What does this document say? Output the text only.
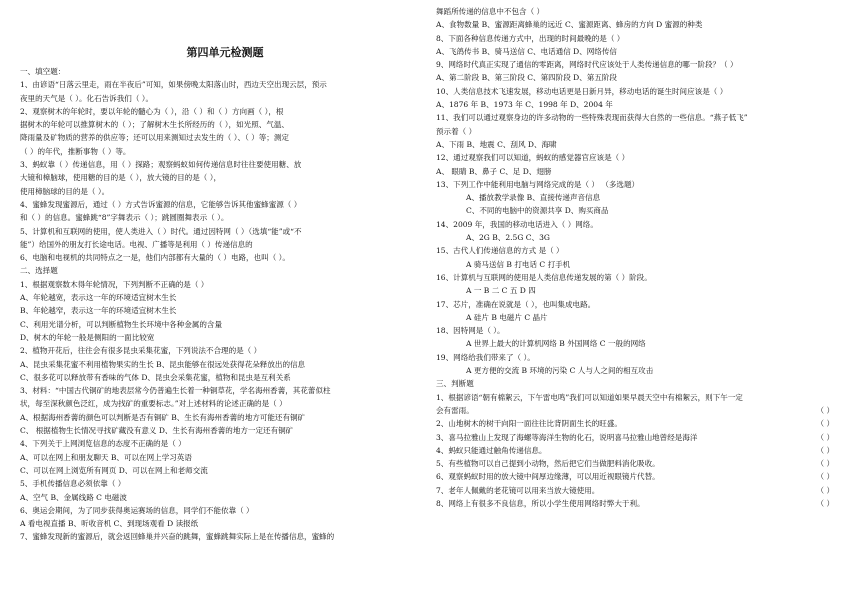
第四单元检测题
一、填空题：
1、由谚语“日落云里走，雨在半夜后”可知，如果傍晚太阳落山时，西边天空出现云层，预示
夜里的天气是（ ）。化石告诉我们（ ）。
2、观察树木的年轮时，要以年轮的髓心为（ ），沿（ ）和（ ）方向画（ ），根
据树木的年轮可以推算树木的（ ）；了解树木生长所经历的（ ），如光照、气温、
降雨量及矿物质的营养的供应等；还可以用来测知过去发生的（ ）、（ ）等；测定
（ ）的年代，推断事物（ ）等。
3、蚂蚁靠（ ）传递信息，用（ ）探路；观察蚂蚁如何传递信息时往往要使用糖、放
大镜和樟脑球，使用糖的目的是（ ），放大镜的目的是（ ），
使用樟脑球的目的是（ ）。
4、蜜蜂发现蜜源后，通过（ ）方式告诉蜜源的信息，它能够告诉其他蜜蜂蜜源（ ）
和（ ）的信息。蜜蜂跳“8”字舞表示（ ）；跳圆圈舞表示（ ）。
5、计算机和互联网的使用，使人类进入（ ）时代。通过因特网（ ）（选填“能”或“不
能”）给国外的朋友打长途电话。电视、广播等是利用（ ）传递信息的
6、电脑和电视机的共同特点之一是，他们内部都有大量的（ ）电路，也叫（ ）。
二、选择题
1、根据观察数木得年轮情况，下列判断不正确的是（ ）
A、年轮越宽，表示这一年的环境适宜树木生长
B、年轮越窄，表示这一年的环境适宜树木生长
C、利用光谱分析，可以判断植物生长环境中各种金属的含量
D、树木的年轮一般是侧阳的一面比较宽
2、植物开花后，往往会有很多昆虫采集花蜜，下列说法不合理的是（ ）
A、昆虫采集花蜜不利用植物果实的生长 B、昆虫能够在很远处获得花朵释放出的信息
C、很多花可以释放带有香味的气体 D、昆虫会采集花蜜，植物和昆虫是互利关系
3、材料：“中国古代铜矿的地表层常今仍普遍生长着一种铜草花，学名海州香薷，其花蕾似柱
状，每至深秋颜色泛红，成为找矿的重要标志。”对上述材料的论述正确的是（ ）
A、根据海州香薷的颜色可以判断是否有铜矿 B、生长有海州香薷的地方可能还有铜矿
C、 根据植物生长情况寻找矿藏没有意义 D、生长有海州香薷的地方一定还有铜矿
4、下列关于上网浏览信息的态度不正确的是（ ）
A、可以在网上和朋友聊天 B、可以在网上学习英语
C、可以在网上浏览所有网页 D、可以在网上和老师交流
5、手机传播信息必须依靠（ ）
A、空气 B、金属线路 C 电磁波
6、奥运会期间，为了同步获得奥运赛场的信息，同学们不能依靠（ ）
A 看电视直播 B、听收音机 C、到现场观看 D 读报纸
7、蜜蜂发现新的蜜源后，就会返回蜂巢并兴奋的跳舞，蜜蜂跳舞实际上是在传播信息，蜜蜂的
舞蹈所传递的信息中不包含（ ）
A、食物数量 B、蜜源距离蜂巢的远近 C、蜜源距离、蜂房的方向 D 蜜源的种类
8、下面各种信息传递方式中，出现的时间最晚的是（ ）
A、飞鸽传书 B、骑马送信 C、电话通信 D、网络传信
9、网络时代真正实现了通信的零距离，网络时代应该处于人类传递信息的哪一阶段？（ ）
A、第二阶段 B、第三阶段 C、第四阶段 D、第五阶段
10、人类信息技术飞速发展，移动电话更是日新月异，移动电话的诞生时间应该是（ ）
A、1876 年 B、1973 年 C、1998 年 D、2004 年
11、我们可以通过观察身边的许多动物的一些特殊表现而获得大自然的一些信息。“燕子低飞”
预示着（ ）
A、下雨 B、地震 C、刮风 D、海啸
12、通过观察我们可以知道，蚂蚁的感觉器官应该是（ ）
A、 眼睛 B、鼻子 C、足 D、翅膀
13、下列工作中能利用电脑与网络完成的是（ ） （多选题）
A、播放教学录像 B、直接传递声音信息
C、不同的电脑中的资源共享 D、购买商品
14、2009 年，我国的移动电话进入（ ）网络。
A、2G B、2.5G C、3G
15、古代人们传递信息的方式 是（ ）
A 骑马送信 B 打电话 C 打手机
16、计算机与互联网的使用是人类信息传递发展的第（ ）阶段。
A 一 B 二 C 五 D 四
17、芯片，准确在说就是（ ），也叫集成电路。
A 硅片 B 电磁片 C 晶片
18、因特网是（ ）。
A 世界上最大的计算机网络 B 外国网络 C 一般的网络
19、网络给我们带来了（ ）。
A 更方便的交流 B 环境的污染 C 人与人之间的相互攻击
三、判断题
1、根据谚语“朝有棉絮云，下午雷电鸣”我们可以知道如果早晨天空中有棉絮云，则下午一定
会有雷雨。	（ ）
2、山地树木的树干向阳一面往往比背阴面生长的旺盛。	（ ）
3、喜马拉雅山上发现了海螺等海洋生物的化石，说明喜马拉雅山地曾经是海洋	（ ）
4、蚂蚁只能通过触角传递信息。	（ ）
5、有些植物可以自己提到小动物，然后把它们当做肥料消化吸收。	（ ）
6、观察蚂蚁时用的放大镜中间厚边缘薄，可以用近视眼镜片代替。	（ ）
7、老年人佩戴的老花镜可以用来当放大镜使用。	（ ）
8、网络上有很多不良信息，所以小学生使用网络时弊大于利。	（ ）
